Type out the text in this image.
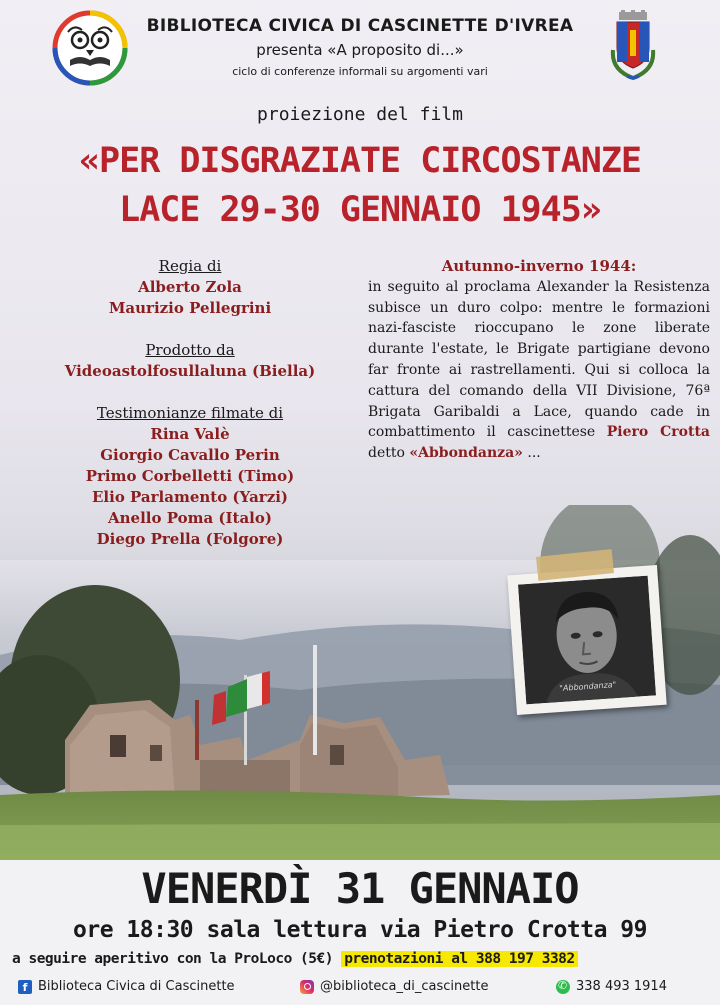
BIBLIOTECA CIVICA DI CASCINETTE D'IVREA
presenta «A proposito di...»
ciclo di conferenze informali su argomenti vari
proiezione del film
«PER DISGRAZIATE CIRCOSTANZE
LACE 29-30 GENNAIO 1945»
Regia di
Alberto Zola
Maurizio Pellegrini
Prodotto da
Videoastolfosullaluna (Biella)
Testimonianze filmate di
Rina Valè
Giorgio Cavallo Perin
Primo Corbelletti (Timo)
Elio Parlamento (Yarzi)
Anello Poma (Italo)
Diego Prella (Folgore)
Autunno-inverno 1944:
in seguito al proclama Alexander la Resistenza subisce un duro colpo: mentre le formazioni nazi-fasciste rioccupano le zone liberate durante l'estate, le Brigate partigiane devono far fronte ai rastrellamenti. Qui si colloca la cattura del comando della VII Divisione, 76ª Brigata Garibaldi a Lace, quando cade in combattimento il cascinettese Piero Crotta detto «Abbondanza» ...
"Abbondanza"
VENERDÌ 31 GENNAIO
ore 18:30 sala lettura via Pietro Crotta 99
a seguire aperitivo con la ProLoco (5€) prenotazioni al 388 197 3382
f Biblioteca Civica di Cascinette	@biblioteca_di_cascinette
✆	338 493 1914
